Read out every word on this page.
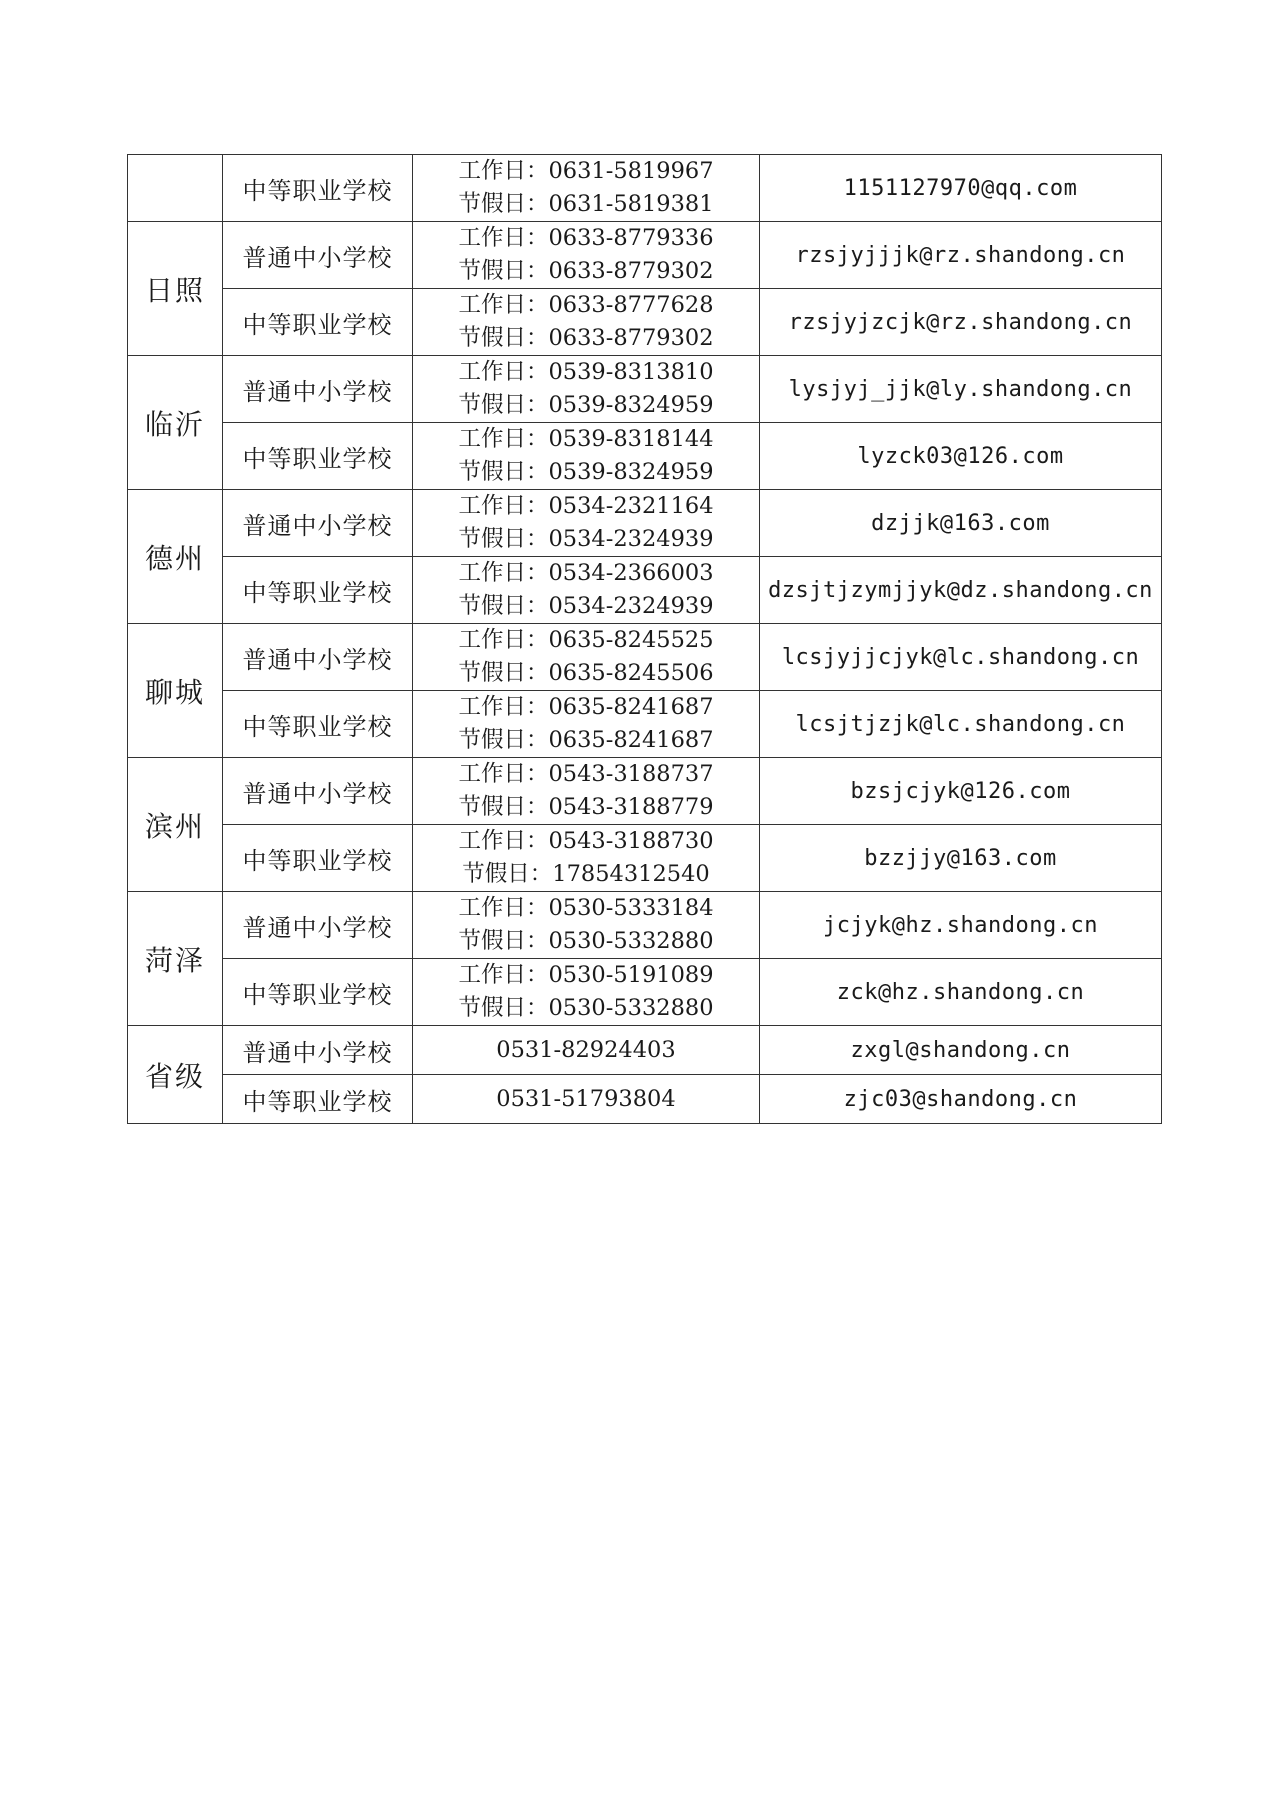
	中等职业学校	工作日：0631-5819967
节假日：0631-5819381	1151127970@qq.com
日照	普通中小学校	工作日：0633-8779336
节假日：0633-8779302	rzsjyjjjk@rz.shandong.cn
	中等职业学校	工作日：0633-8777628
节假日：0633-8779302	rzsjyjzcjk@rz.shandong.cn
临沂	普通中小学校	工作日：0539-8313810
节假日：0539-8324959	lysjyj_jjk@ly.shandong.cn
	中等职业学校	工作日：0539-8318144
节假日：0539-8324959	lyzck03@126.com
德州	普通中小学校	工作日：0534-2321164
节假日：0534-2324939	dzjjk@163.com
	中等职业学校	工作日：0534-2366003
节假日：0534-2324939	dzsjtjzymjjyk@dz.shandong.cn
聊城	普通中小学校	工作日：0635-8245525
节假日：0635-8245506	lcsjyjjcjyk@lc.shandong.cn
	中等职业学校	工作日：0635-8241687
节假日：0635-8241687	lcsjtjzjk@lc.shandong.cn
滨州	普通中小学校	工作日：0543-3188737
节假日：0543-3188779	bzsjcjyk@126.com
	中等职业学校	工作日：0543-3188730
节假日：17854312540	bzzjjy@163.com
菏泽	普通中小学校	工作日：0530-5333184
节假日：0530-5332880	jcjyk@hz.shandong.cn
	中等职业学校	工作日：0530-5191089
节假日：0530-5332880	zck@hz.shandong.cn
省级	普通中小学校	0531-82924403	zxgl@shandong.cn
	中等职业学校	0531-51793804	zjc03@shandong.cn
